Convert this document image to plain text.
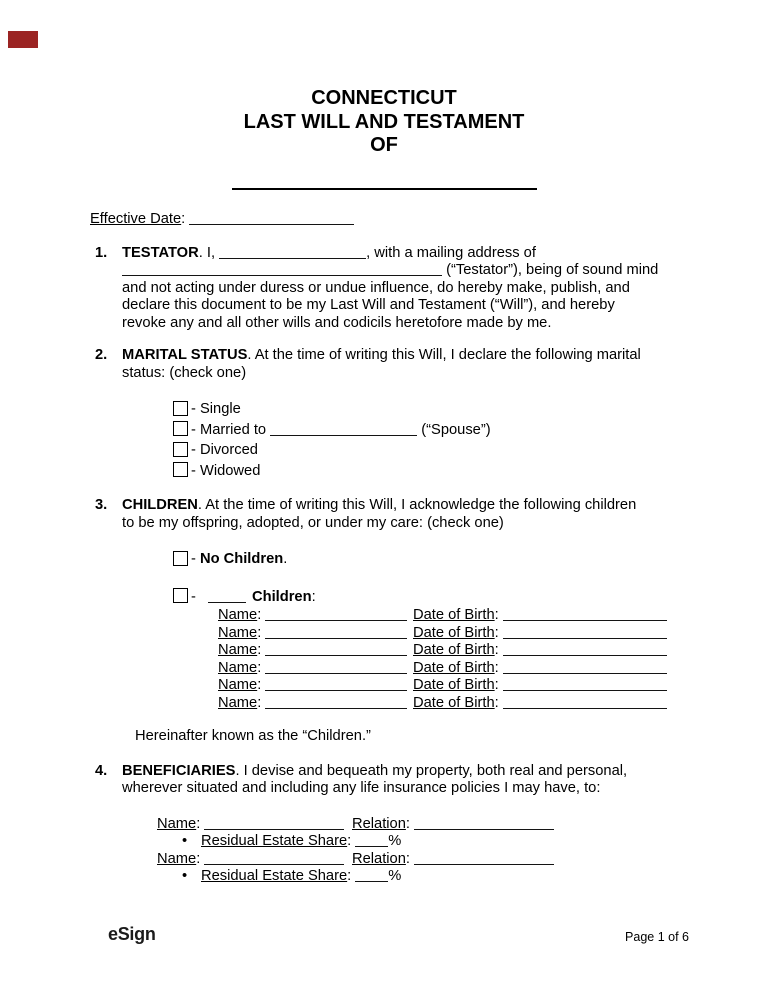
CONNECTICUT
LAST WILL AND TESTAMENT
OF
Effective Date:
1.	TESTATOR. I,	, with a mailing address of
(“Testator”), being of sound mind
and not acting under duress or undue influence, do hereby make, publish, and
declare this document to be my Last Will and Testament (“Will”), and hereby
revoke any and all other wills and codicils heretofore made by me.
2.	MARITAL STATUS. At the time of writing this Will, I declare the following marital
status: (check one)
- Single
- Married to	(“Spouse”)
- Divorced
- Widowed
3.	CHILDREN. At the time of writing this Will, I acknowledge the following children
to be my offspring, adopted, or under my care: (check one)
- No Children.
-	Children:
Name:	Date of Birth:
Name:	Date of Birth:
Name:	Date of Birth:
Name:	Date of Birth:
Name:	Date of Birth:
Name:	Date of Birth:
Hereinafter known as the “Children.”
4.	BENEFICIARIES. I devise and bequeath my property, both real and personal,
wherever situated and including any life insurance policies I may have, to:
Name:	Relation:
• Residual Estate Share:	%
Name:	Relation:
• Residual Estate Share:	%
eSign	Page 1 of 6
